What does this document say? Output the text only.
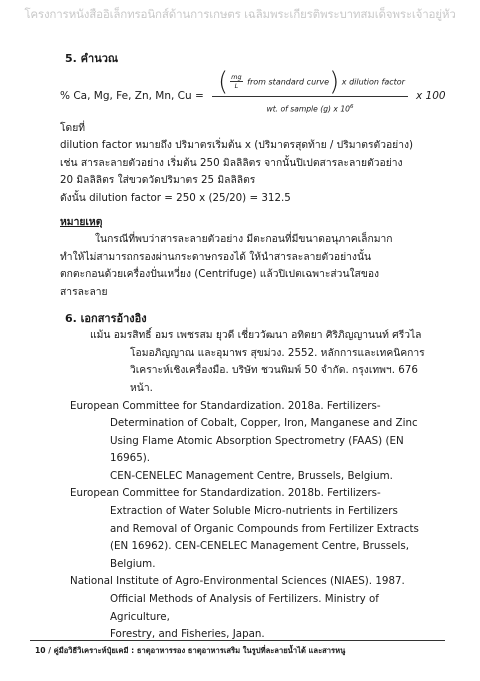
โครงการหนังสืออิเล็กทรอนิกส์ด้านการเกษตร เฉลิมพระเกียรติพระบาทสมเด็จพระเจ้าอยู่หัว
5. คำนวณ
% Ca, Mg, Fe, Zn, Mn, Cu = ( $\frac{mg}{L}$ from standard curve) x dilution factor
wt. of sample (g) x $10^6$
x 100

โดยที่

dilution factor หมายถึง ปริมาตรเริ่มต้น x (ปริมาตรสุดท้าย / ปริมาตรตัวอย่าง)

เช่น สารละลายตัวอย่าง เริ่มต้น 250 มิลลิลิตร จากนั้นปิเปตสารละลายตัวอย่าง

20 มิลลิลิตร ใส่ขวดวัดปริมาตร 25 มิลลิลิตร

ดังนั้น dilution factor = 250 x (25/20) = 312.5

หมายเหตุ

ในกรณีที่พบว่าสารละลายตัวอย่าง มีตะกอนที่มีขนาดอนุภาคเล็กมาก

ทำให้ไม่สามารถกรองผ่านกระดาษกรองได้ ให้นำสารละลายตัวอย่างนั้น

ตกตะกอนด้วยเครื่องปั่นเหวี่ยง (Centrifuge) แล้วปิเปตเฉพาะส่วนใสของ

สารละลาย

6. เอกสารอ้างอิง

แม้น อมรสิทธิ์ อมร เพชรสม ยุวดี เชี่ยววัฒนา อทิตยา ศิริภิญญานนท์ ศรีวไล

โอมอภิญญาณ และอุมาพร สุขม่วง. 2552. หลักการและเทคนิคการ

วิเคราะห์เชิงเครื่องมือ. บริษัท ชวนพิมพ์ 50 จำกัด. กรุงเทพฯ. 676 หน้า.

European Committee for Standardization. 2018a. Fertilizers-

Determination of Cobalt, Copper, Iron, Manganese and Zinc

Using Flame Atomic Absorption Spectrometry (FAAS) (EN 16965).

CEN-CENELEC Management Centre, Brussels, Belgium.

European Committee for Standardization. 2018b. Fertilizers-

Extraction of Water Soluble Micro-nutrients in Fertilizers

and Removal of Organic Compounds from Fertilizer Extracts

(EN 16962). CEN-CENELEC Management Centre, Brussels,

Belgium.

National Institute of Agro-Environmental Sciences (NIAES). 1987.

Official Methods of Analysis of Fertilizers. Ministry of Agriculture,

Forestry, and Fisheries, Japan.

10 / คู่มือวิธีวิเคราะห์ปุ๋ยเคมี : ธาตุอาหารรอง ธาตุอาหารเสริม ในรูปที่ละลายน้ำได้ และสารหนู
